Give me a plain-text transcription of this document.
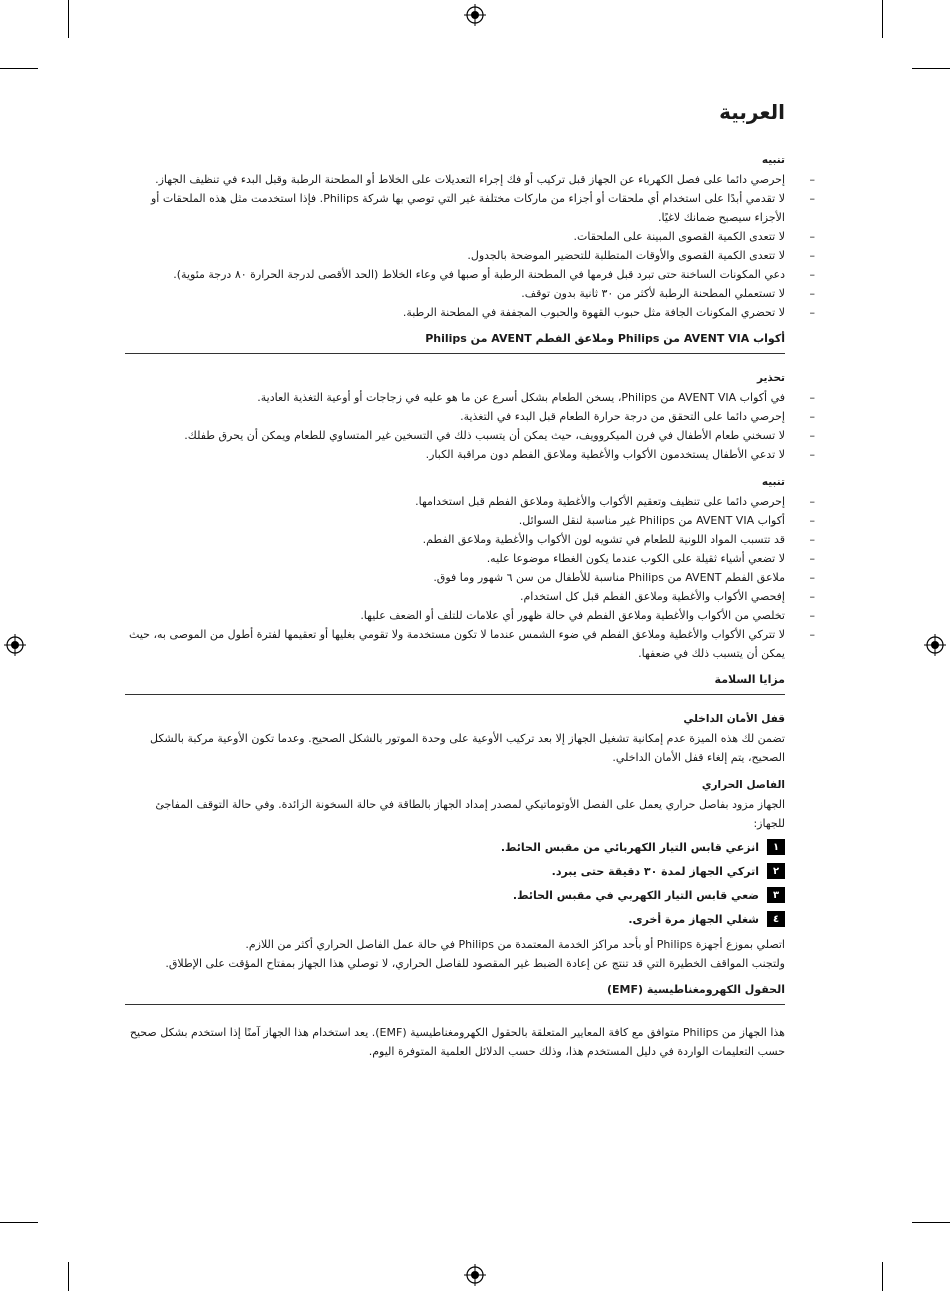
العربية
تنبيه
– إحرصي دائما على فصل الكهرباء عن الجهاز قبل تركيب أو فك إجراء التعديلات على الخلاط أو المطحنة الرطبة وقبل البدء في تنظيف الجهاز.
– لا تقدمي أبدًا على استخدام أي ملحقات أو أجزاء من ماركات مختلفة غير التي توصي بها شركة Philips. فإذا استخدمت مثل هذه الملحقات أو الأجزاء سيصبح ضمانك لاغيًا.
– لا تتعدى الكمية القصوى المبينة على الملحقات.
– لا تتعدى الكمية القصوى والأوقات المتطلبة للتحضير الموضحة بالجدول.
– دعي المكونات الساخنة حتى تبرد قبل فرمها في المطحنة الرطبة أو صبها في وعاء الخلاط (الحد الأقصى لدرجة الحرارة ٨٠ درجة مئوية).
– لا تستعملي المطحنة الرطبة لأكثر من ٣٠ ثانية بدون توقف.
– لا تحضري المكونات الجافة مثل حبوب القهوة والحبوب المجففة في المطحنة الرطبة.
أكواب AVENT VIA من Philips وملاعق الفطم AVENT من Philips
تحذير
– في أكواب AVENT VIA من Philips، يسخن الطعام بشكل أسرع عن ما هو عليه في زجاجات أو أوعية التغذية العادية.
– إحرصي دائما على التحقق من درجة حرارة الطعام قبل البدء في التغذية.
– لا تسخني طعام الأطفال في فرن الميكروويف، حيث يمكن أن يتسبب ذلك في التسخين غير المتساوي للطعام ويمكن أن يحرق طفلك.
– لا تدعي الأطفال يستخدمون الأكواب والأغطية وملاعق الفطم دون مراقبة الكبار.
تنبيه
– إحرصي دائما على تنظيف وتعقيم الأكواب والأغطية وملاعق الفطم قبل استخدامها.
– أكواب AVENT VIA من Philips غير مناسبة لنقل السوائل.
– قد تتسبب المواد اللونية للطعام في تشويه لون الأكواب والأغطية وملاعق الفطم.
– لا تضعي أشياء ثقيلة على الكوب عندما يكون الغطاء موضوعا عليه.
– ملاعق الفطم AVENT من Philips مناسبة للأطفال من سن ٦ شهور وما فوق.
– إفحصي الأكواب والأغطية وملاعق الفطم قبل كل استخدام.
– تخلصي من الأكواب والأغطية وملاعق الفطم في حالة ظهور أي علامات للتلف أو الضعف عليها.
– لا تتركي الأكواب والأغطية وملاعق الفطم في ضوء الشمس عندما لا تكون مستخدمة ولا تقومي بغليها أو تعقيمها لفترة أطول من الموصى به، حيث يمكن أن يتسبب ذلك في ضعفها.
مزايا السلامة
قفل الأمان الداخلي

تضمن لك هذه الميزة عدم إمكانية تشغيل الجهاز إلا بعد تركيب الأوعية على وحدة الموتور بالشكل الصحيح. وعدما تكون الأوعية مركبة بالشكل الصحيح، يتم إلغاء قفل الأمان الداخلي.

الفاصل الحراري

الجهاز مزود بفاصل حراري يعمل على الفصل الأوتوماتيكي لمصدر إمداد الجهاز بالطاقة في حالة السخونة الزائدة. وفي حالة التوقف المفاجئ للجهاز:

١
انزعي قابس التيار الكهربائي من مقبس الحائط.
٢
اتركي الجهاز لمدة ٣٠ دقيقة حتى يبرد.
٣
ضعي قابس التيار الكهربي في مقبس الحائط.
٤
شغلي الجهاز مرة أخرى.

اتصلي بموزع أجهزة Philips أو بأحد مراكز الخدمة المعتمدة من Philips في حالة عمل الفاصل الحراري أكثر من اللازم.

ولتجنب المواقف الخطيرة التي قد تنتج عن إعادة الضبط غير المقصود للفاصل الحراري، لا توصلي هذا الجهاز بمفتاح المؤقت على الإطلاق.

الحقول الكهرومغناطيسية (EMF)

هذا الجهاز من Philips متوافق مع كافة المعايير المتعلقة بالحقول الكهرومغناطيسية (EMF). يعد استخدام هذا الجهاز آمنًا إذا استخدم بشكل صحيح حسب التعليمات الواردة في دليل المستخدم هذا، وذلك حسب الدلائل العلمية المتوفرة اليوم.
